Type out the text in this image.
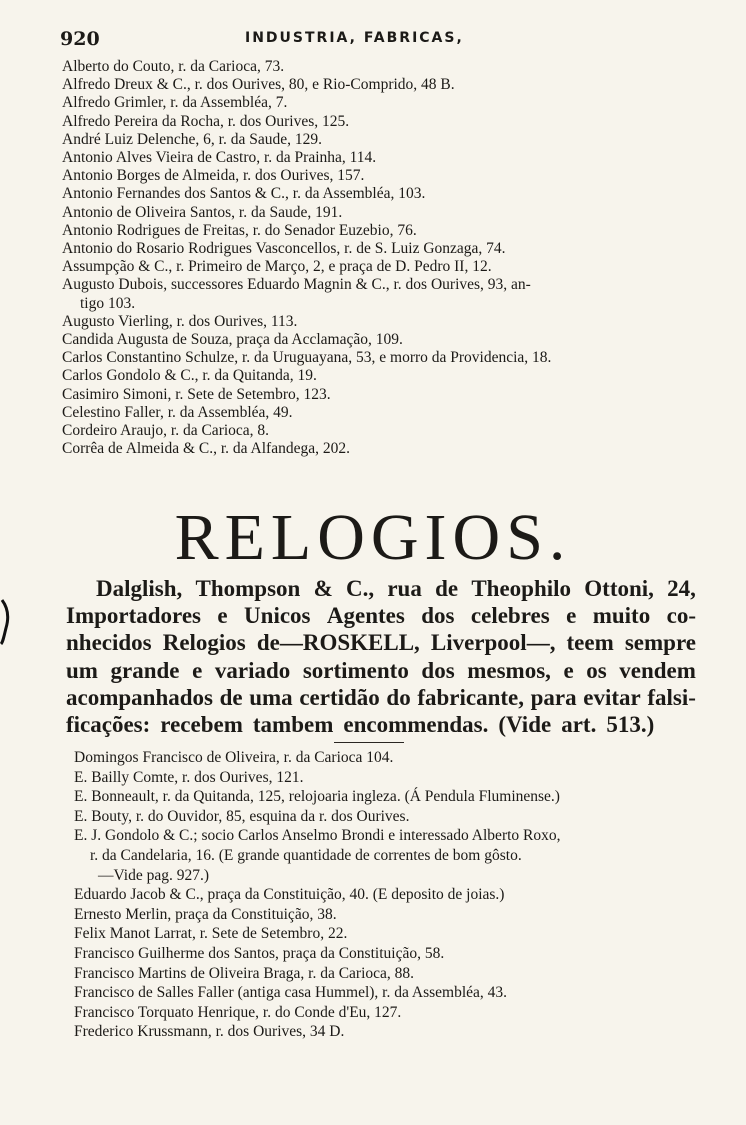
920	INDUSTRIA, FABRICAS,
Alberto do Couto, r. da Carioca, 73.
Alfredo Dreux & C., r. dos Ourives, 80, e Rio-Comprido, 48 B.
Alfredo Grimler, r. da Assembléa, 7.
Alfredo Pereira da Rocha, r. dos Ourives, 125.
André Luiz Delenche, 6, r. da Saude, 129.
Antonio Alves Vieira de Castro, r. da Prainha, 114.
Antonio Borges de Almeida, r. dos Ourives, 157.
Antonio Fernandes dos Santos & C., r. da Assembléa, 103.
Antonio de Oliveira Santos, r. da Saude, 191.
Antonio Rodrigues de Freitas, r. do Senador Euzebio, 76.
Antonio do Rosario Rodrigues Vasconcellos, r. de S. Luiz Gonzaga, 74.
Assumpção & C., r. Primeiro de Março, 2, e praça de D. Pedro II, 12.
Augusto Dubois, successores Eduardo Magnin & C., r. dos Ourives, 93, an-
tigo 103.
Augusto Vierling, r. dos Ourives, 113.
Candida Augusta de Souza, praça da Acclamação, 109.
Carlos Constantino Schulze, r. da Uruguayana, 53, e morro da Providencia, 18.
Carlos Gondolo & C., r. da Quitanda, 19.
Casimiro Simoni, r. Sete de Setembro, 123.
Celestino Faller, r. da Assembléa, 49.
Cordeiro Araujo, r. da Carioca, 8.
Corrêa de Almeida & C., r. da Alfandega, 202.
RELOGIOS.
Dalglish, Thompson & C., rua de Theophilo Ottoni, 24,
Importadores e Unicos Agentes dos celebres e muito co-
nhecidos Relogios de—ROSKELL, Liverpool—, teem sempre
um grande e variado sortimento dos mesmos, e os vendem
acompanhados de uma certidão do fabricante, para evitar falsi-
ficações: recebem tambem encommendas. (Vide art. 513.)
Domingos Francisco de Oliveira, r. da Carioca 104.
E. Bailly Comte, r. dos Ourives, 121.
E. Bonneault, r. da Quitanda, 125, relojoaria ingleza. (Á Pendula Fluminense.)
E. Bouty, r. do Ouvidor, 85, esquina da r. dos Ourives.
E. J. Gondolo & C.; socio Carlos Anselmo Brondi e interessado Alberto Roxo,
r. da Candelaria, 16. (E grande quantidade de correntes de bom gôsto.
—Vide pag. 927.)
Eduardo Jacob & C., praça da Constituição, 40. (E deposito de joias.)
Ernesto Merlin, praça da Constituição, 38.
Felix Manot Larrat, r. Sete de Setembro, 22.
Francisco Guilherme dos Santos, praça da Constituição, 58.
Francisco Martins de Oliveira Braga, r. da Carioca, 88.
Francisco de Salles Faller (antiga casa Hummel), r. da Assembléa, 43.
Francisco Torquato Henrique, r. do Conde d'Eu, 127.
Frederico Krussmann, r. dos Ourives, 34 D.
